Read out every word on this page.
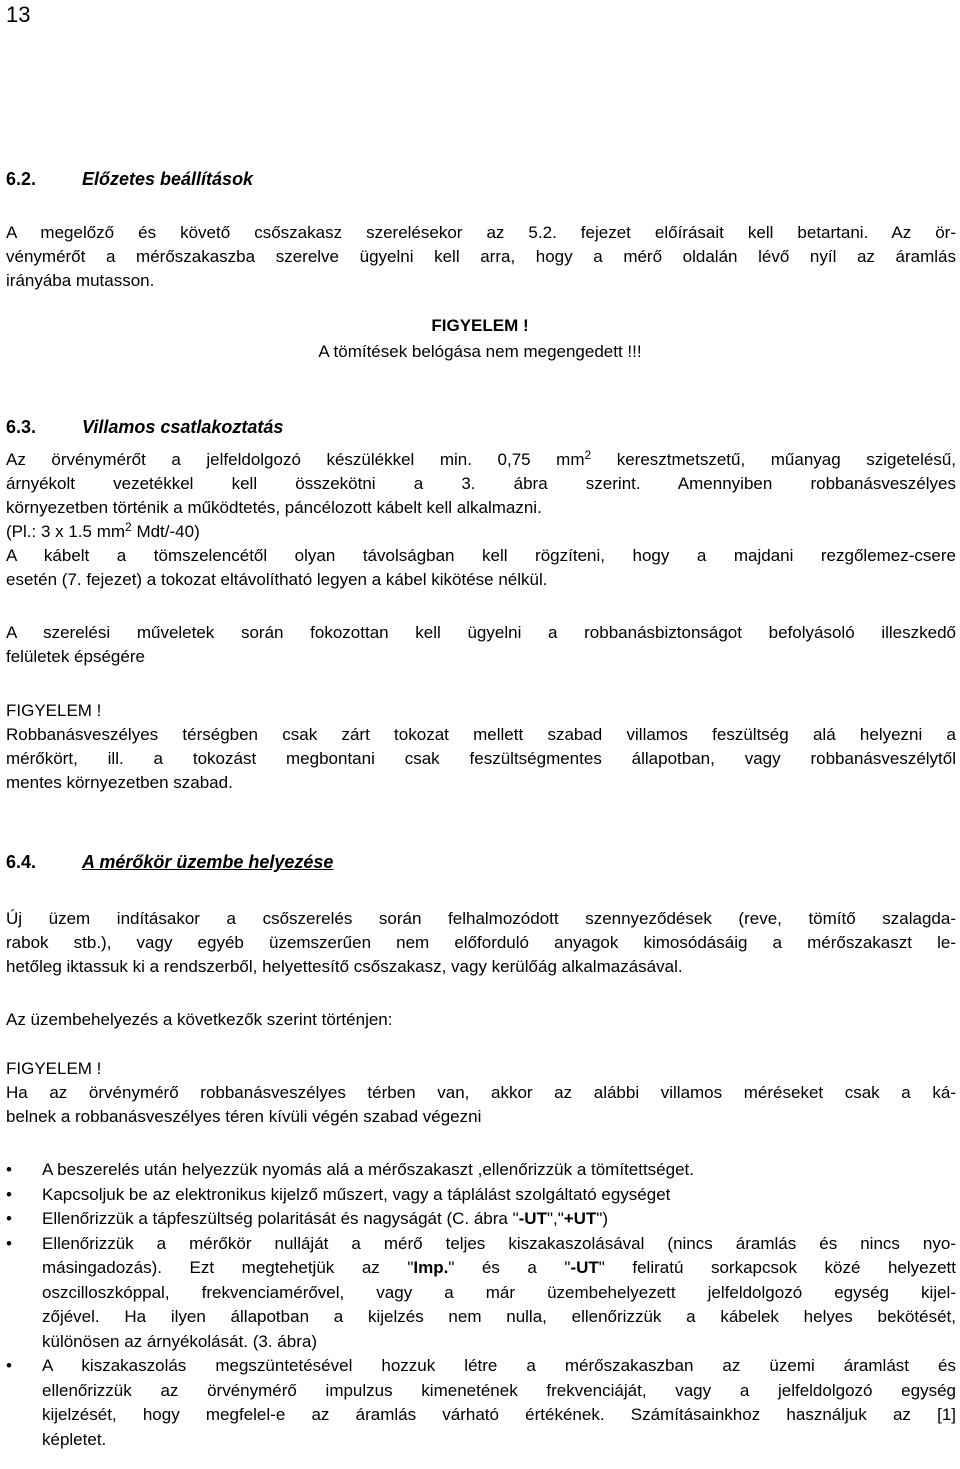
13
6.2.	Előzetes beállítások
A megelőző és követő csőszakasz szerelésekor az 5.2. fejezet előírásait kell betartani. Az ör-
vénymérőt a mérőszakaszba szerelve ügyelni kell arra, hogy a mérő oldalán lévő nyíl az áramlás
irányába mutasson.
FIGYELEM !
A tömítések belógása nem megengedett !!!
6.3.	Villamos csatlakoztatás
Az örvénymérőt a jelfeldolgozó készülékkel min. 0,75 $mm^2$ keresztmetszetű, műanyag szigetelésű,
árnyékolt vezetékkel kell összekötni a 3. ábra szerint. Amennyiben robbanásveszélyes
környezetben történik a működtetés, páncélozott kábelt kell alkalmazni.
(Pl.: 3 x 1.5 $mm^2$ Mdt/-40)
A kábelt a tömszelencétől olyan távolságban kell rögzíteni, hogy a majdani rezgőlemez-csere
esetén (7. fejezet) a tokozat eltávolítható legyen a kábel kikötése nélkül.
A szerelési műveletek során fokozottan kell ügyelni a robbanásbiztonságot befolyásoló illeszkedő
felületek épségére
FIGYELEM !
Robbanásveszélyes térségben csak zárt tokozat mellett szabad villamos feszültség alá helyezni a
mérőkört, ill. a tokozást megbontani csak feszültségmentes állapotban, vagy robbanásveszélytől
mentes környezetben szabad.
6.4.	A mérőkör üzembe helyezése
Új üzem indításakor a csőszerelés során felhalmozódott szennyeződések (reve, tömítő szalagda-
rabok stb.), vagy egyéb üzemszerűen nem előforduló anyagok kimosódásáig a mérőszakaszt le-
hetőleg iktassuk ki a rendszerből, helyettesítő csőszakasz, vagy kerülőág alkalmazásával.
Az üzembehelyezés a következők szerint történjen:
FIGYELEM !
Ha az örvénymérő robbanásveszélyes térben van, akkor az alábbi villamos méréseket csak a ká-
belnek a robbanásveszélyes téren kívüli végén szabad végezni
• A beszerelés után helyezzük nyomás alá a mérőszakaszt ,ellenőrizzük a tömítettséget.
• Kapcsoljuk be az elektronikus kijelző műszert, vagy a táplálást szolgáltató egységet
• Ellenőrizzük a tápfeszültség polaritását és nagyságát (C. ábra "-UT","+UT")
• Ellenőrizzük a mérőkör nulláját a mérő teljes kiszakaszolásával (nincs áramlás és nincs nyo-
másingadozás). Ezt megtehetjük az "Imp." és a "-UT" feliratú sorkapcsok közé helyezett
oszcilloszkóppal, frekvenciamérővel, vagy a már üzembehelyezett jelfeldolgozó egység kijel-
zőjével. Ha ilyen állapotban a kijelzés nem nulla, ellenőrizzük a kábelek helyes bekötését,
különösen az árnyékolását. (3. ábra)
• A kiszakaszolás megszüntetésével hozzuk létre a mérőszakaszban az üzemi áramlást és
ellenőrizzük az örvénymérő impulzus kimenetének frekvenciáját, vagy a jelfeldolgozó egység
kijelzését, hogy megfelel-e az áramlás várható értékének. Számításainkhoz használjuk az [1]
képletet.
